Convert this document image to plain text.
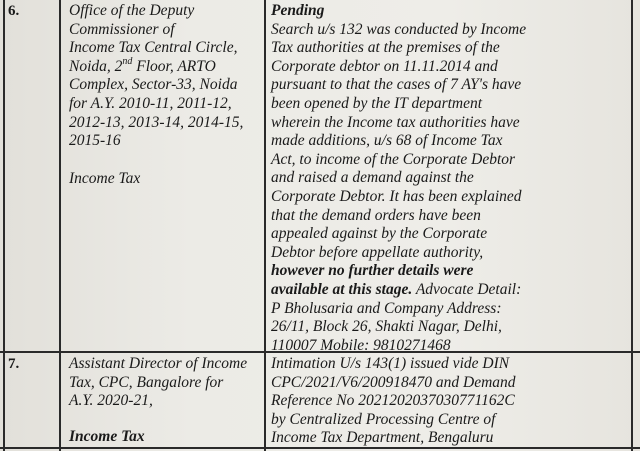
6.	Office of the Deputy
Commissioner of
Income Tax Central Circle,
Noida, 2nd Floor, ARTO
Complex, Sector-33, Noida
for A.Y. 2010-11, 2011-12,
2012-13, 2013-14, 2014-15,
2015-16
Income Tax
Pending
Search u/s 132 was conducted by Income
Tax authorities at the premises of the
Corporate debtor on 11.11.2014 and
pursuant to that the cases of 7 AY's have
been opened by the IT department
wherein the Income tax authorities have
made additions, u/s 68 of Income Tax
Act, to income of the Corporate Debtor
and raised a demand against the
Corporate Debtor. It has been explained
that the demand orders have been
appealed against by the Corporate
Debtor before appellate authority,
however no further details were
available at this stage. Advocate Detail:
P Bholusaria and Company Address:
26/11, Block 26, Shakti Nagar, Delhi,
110007 Mobile: 9810271468
7.	Assistant Director of Income
Tax, CPC, Bangalore for
A.Y. 2020-21,
Income Tax
Intimation U/s 143(1) issued vide DIN
CPC/2021/V6/200918470 and Demand
Reference No 2021202037030771162C
by Centralized Processing Centre of
Income Tax Department, Bengaluru
